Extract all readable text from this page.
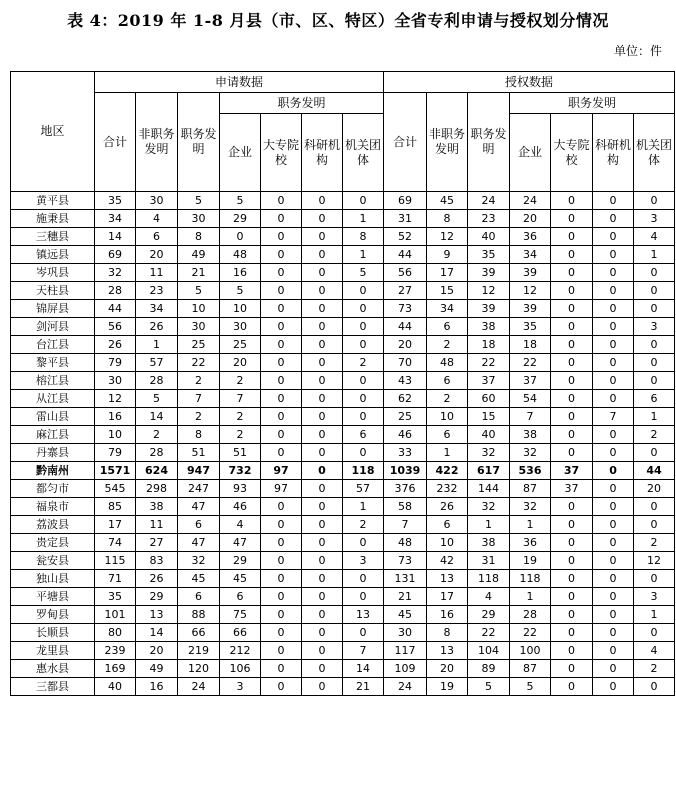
表 4：2019 年 1-8 月县（市、区、特区）全省专利申请与授权划分情况
单位：件
地区	申请数据							授权数据						
	合计	非职务发明	职务发明	职务发明				合计	非职务发明	职务发明	职务发明			
				企业	大专院校	科研机构	机关团体				企业	大专院校	科研机构	机关团体
黄平县	35	30	5	5	0	0	0	69	45	24	24	0	0	0
施秉县	34	4	30	29	0	0	1	31	8	23	20	0	0	3
三穗县	14	6	8	0	0	0	8	52	12	40	36	0	0	4
镇远县	69	20	49	48	0	0	1	44	9	35	34	0	0	1
岑巩县	32	11	21	16	0	0	5	56	17	39	39	0	0	0
天柱县	28	23	5	5	0	0	0	27	15	12	12	0	0	0
锦屏县	44	34	10	10	0	0	0	73	34	39	39	0	0	0
剑河县	56	26	30	30	0	0	0	44	6	38	35	0	0	3
台江县	26	1	25	25	0	0	0	20	2	18	18	0	0	0
黎平县	79	57	22	20	0	0	2	70	48	22	22	0	0	0
榕江县	30	28	2	2	0	0	0	43	6	37	37	0	0	0
从江县	12	5	7	7	0	0	0	62	2	60	54	0	0	6
雷山县	16	14	2	2	0	0	0	25	10	15	7	0	7	1
麻江县	10	2	8	2	0	0	6	46	6	40	38	0	0	2
丹寨县	79	28	51	51	0	0	0	33	1	32	32	0	0	0
黔南州	1571	624	947	732	97	0	118	1039	422	617	536	37	0	44
都匀市	545	298	247	93	97	0	57	376	232	144	87	37	0	20
福泉市	85	38	47	46	0	0	1	58	26	32	32	0	0	0
荔波县	17	11	6	4	0	0	2	7	6	1	1	0	0	0
贵定县	74	27	47	47	0	0	0	48	10	38	36	0	0	2
瓮安县	115	83	32	29	0	0	3	73	42	31	19	0	0	12
独山县	71	26	45	45	0	0	0	131	13	118	118	0	0	0
平塘县	35	29	6	6	0	0	0	21	17	4	1	0	0	3
罗甸县	101	13	88	75	0	0	13	45	16	29	28	0	0	1
长顺县	80	14	66	66	0	0	0	30	8	22	22	0	0	0
龙里县	239	20	219	212	0	0	7	117	13	104	100	0	0	4
惠水县	169	49	120	106	0	0	14	109	20	89	87	0	0	2
三都县	40	16	24	3	0	0	21	24	19	5	5	0	0	0
